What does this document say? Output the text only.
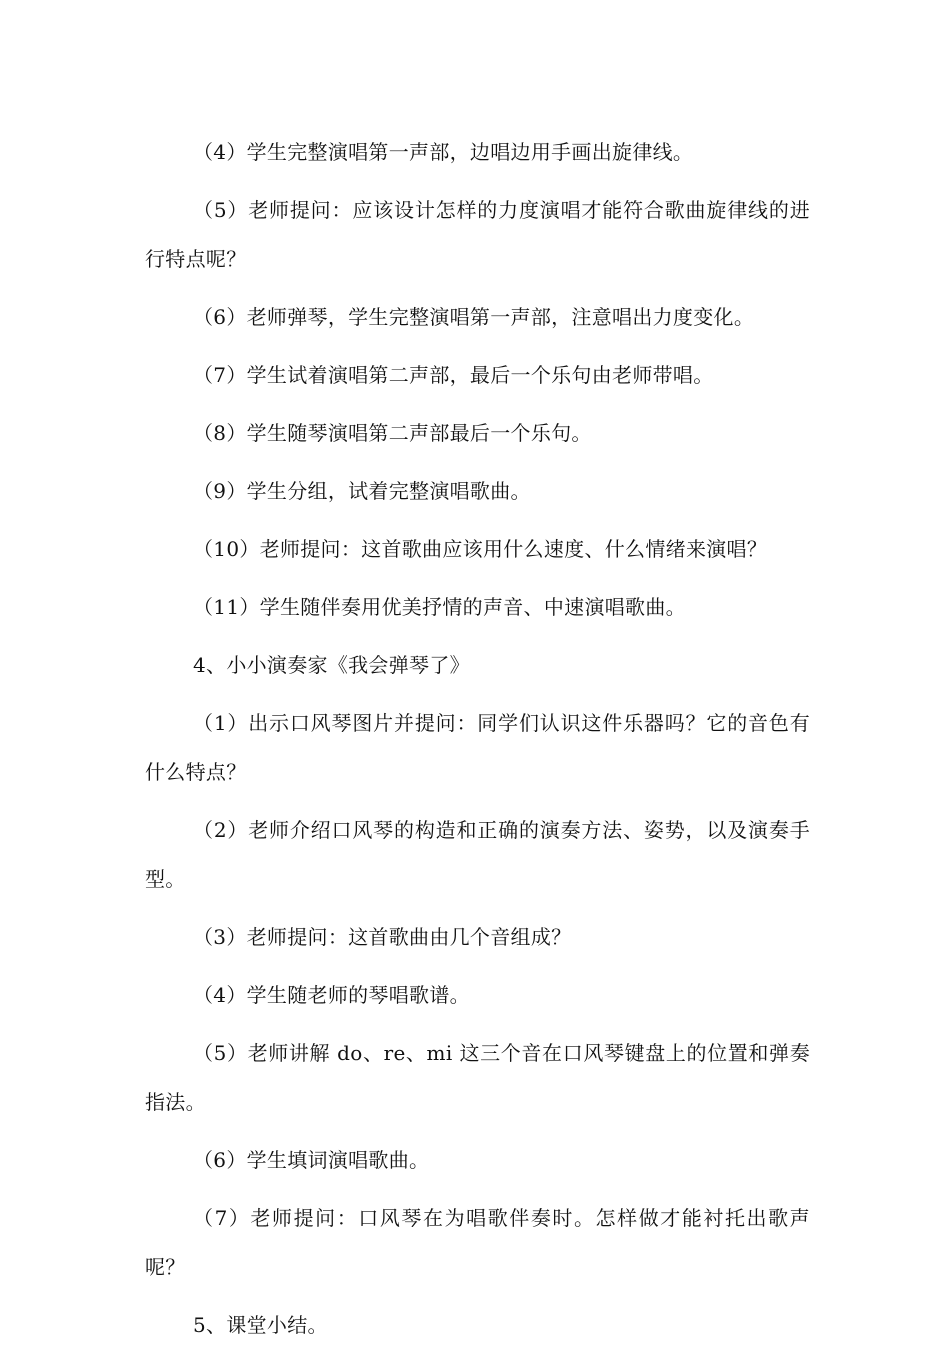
（4）学生完整演唱第一声部，边唱边用手画出旋律线。

（5）老师提问：应该设计怎样的力度演唱才能符合歌曲旋律线的进行特点呢？

（6）老师弹琴，学生完整演唱第一声部，注意唱出力度变化。

（7）学生试着演唱第二声部，最后一个乐句由老师带唱。

（8）学生随琴演唱第二声部最后一个乐句。

（9）学生分组，试着完整演唱歌曲。

（10）老师提问：这首歌曲应该用什么速度、什么情绪来演唱？

（11）学生随伴奏用优美抒情的声音、中速演唱歌曲。

4、小小演奏家《我会弹琴了》

（1）出示口风琴图片并提问：同学们认识这件乐器吗？它的音色有什么特点？

（2）老师介绍口风琴的构造和正确的演奏方法、姿势，以及演奏手型。

（3）老师提问：这首歌曲由几个音组成？

（4）学生随老师的琴唱歌谱。

（5）老师讲解 do、re、mi 这三个音在口风琴键盘上的位置和弹奏指法。

（6）学生填词演唱歌曲。

（7）老师提问：口风琴在为唱歌伴奏时。怎样做才能衬托出歌声呢？

5、课堂小结。
